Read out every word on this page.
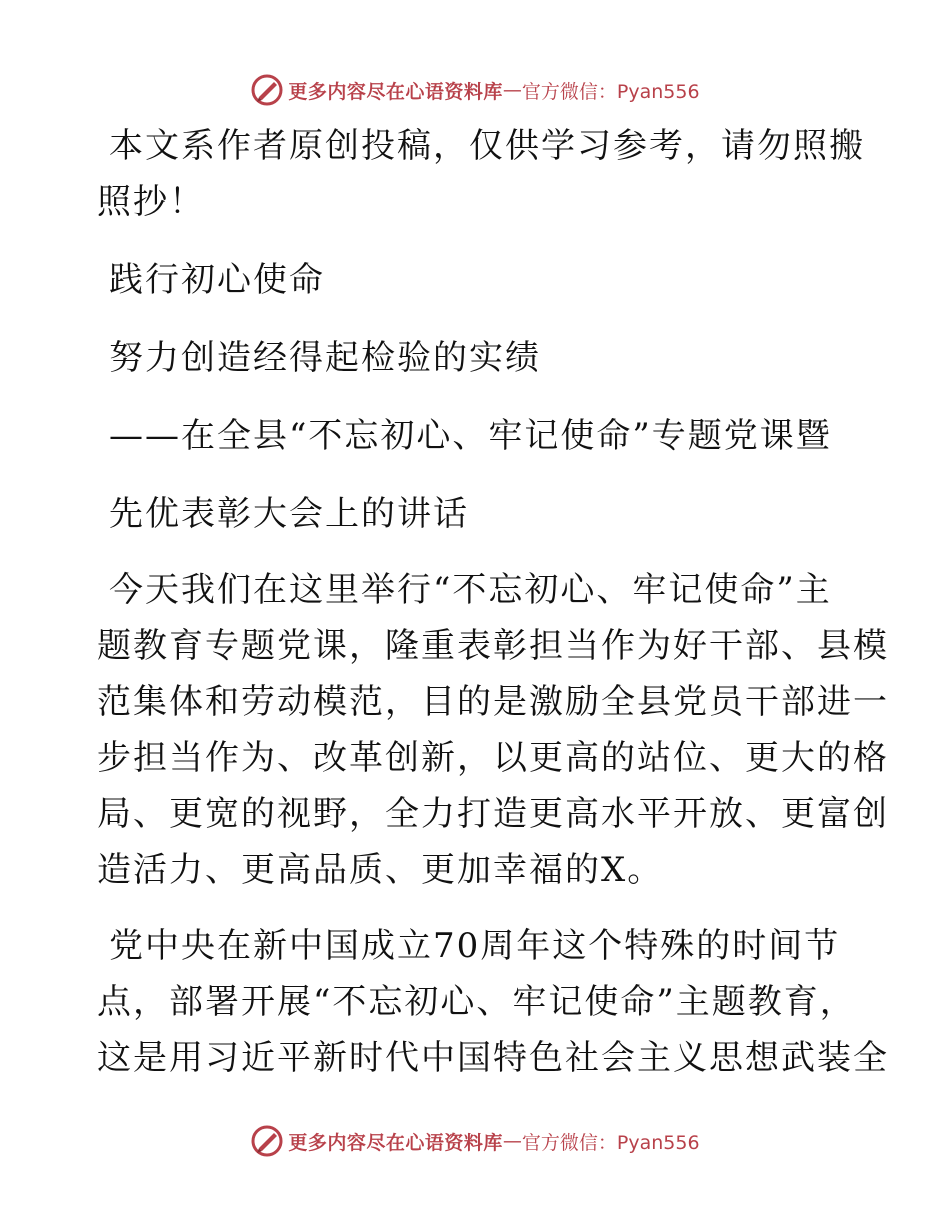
更多内容尽在心语资料库 — 官方微信：Pyan556
本文系作者原创投稿，仅供学习参考，请勿照搬
照抄！
践行初心使命
努力创造经得起检验的实绩
——在全县“不忘初心、牢记使命”专题党课暨
先优表彰大会上的讲话
今天我们在这里举行“不忘初心、牢记使命”主
题教育专题党课，隆重表彰担当作为好干部、县模
范集体和劳动模范，目的是激励全县党员干部进一
步担当作为、改革创新，以更高的站位、更大的格
局、更宽的视野，全力打造更高水平开放、更富创
造活力、更高品质、更加幸福的X。
党中央在新中国成立70周年这个特殊的时间节
点，部署开展“不忘初心、牢记使命”主题教育，
这是用习近平新时代中国特色社会主义思想武装全
更多内容尽在心语资料库 — 官方微信：Pyan556
